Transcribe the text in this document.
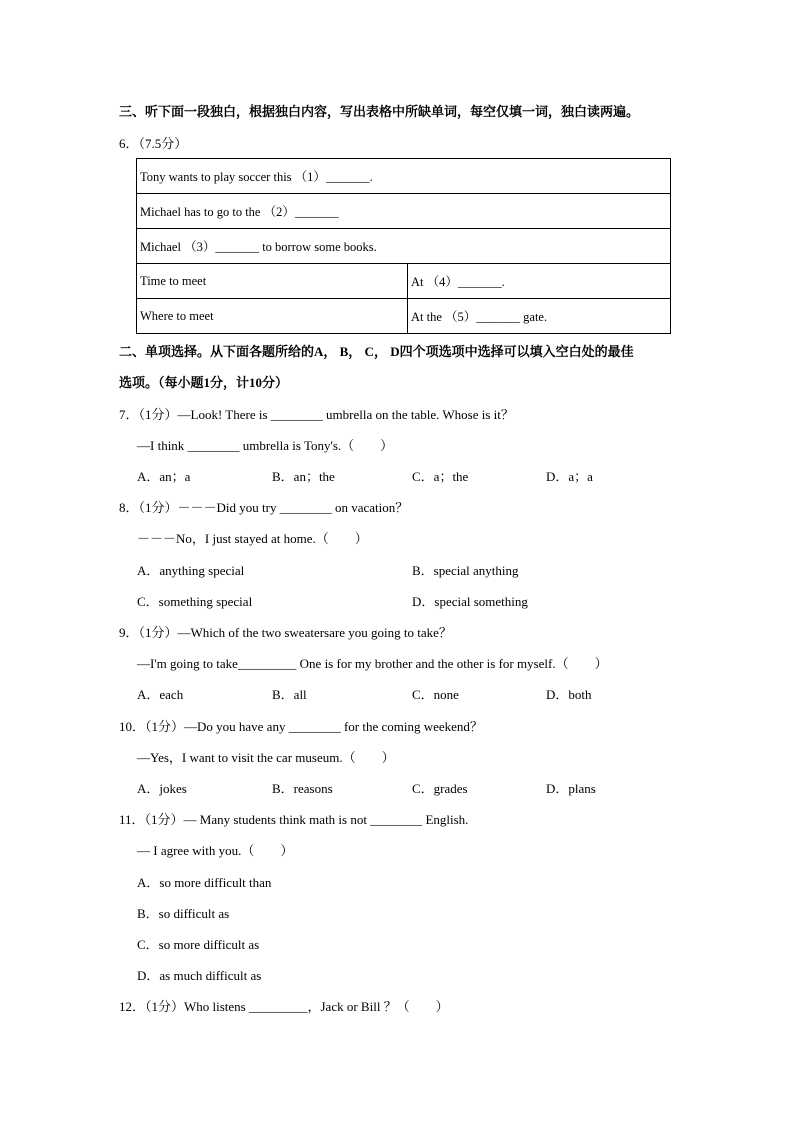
三、听下面一段独白，根据独白内容，写出表格中所缺单词，每空仅填一词，独白读两遍。
6．（7.5分）
Tony wants to play soccer this （1）_______.	
Michael has to go to the （2）_______	
Michael （3）_______ to borrow some books.	
Time to meet	At （4）_______.
Where to meet	At the （5）_______ gate.
二、单项选择。从下面各题所给的A， B， C， D四个项选项中选择可以填入空白处的最佳
选项。（每小题1分，计10分）
7．（1分）—Look! There is ________ umbrella on the table. Whose is it？
—I think ________ umbrella is Tony's.（　　）
A．an；a	B．an；the	C．a；the	D．a；a
8．（1分）－－－Did you try ________ on vacation？
－－－No，I just stayed at home.（　　）
A．anything special	B．special anything
C．something special	D．special something
9．（1分）—Which of the two sweatersare you going to take？
—I'm going to take_________ One is for my brother and the other is for myself.（　　）
A．each	B．all	C．none	D．both
10．（1分）—Do you have any ________ for the coming weekend？
—Yes，I want to visit the car museum.（　　）
A．jokes	B．reasons	C．grades	D．plans
11．（1分）— Many students think math is not ________ English.
— I agree with you.（　　）
A．so more difficult than
B．so difficult as
C．so more difficult as
D．as much difficult as
12．（1分）Who listens _________，Jack or Bill ？（　　）
